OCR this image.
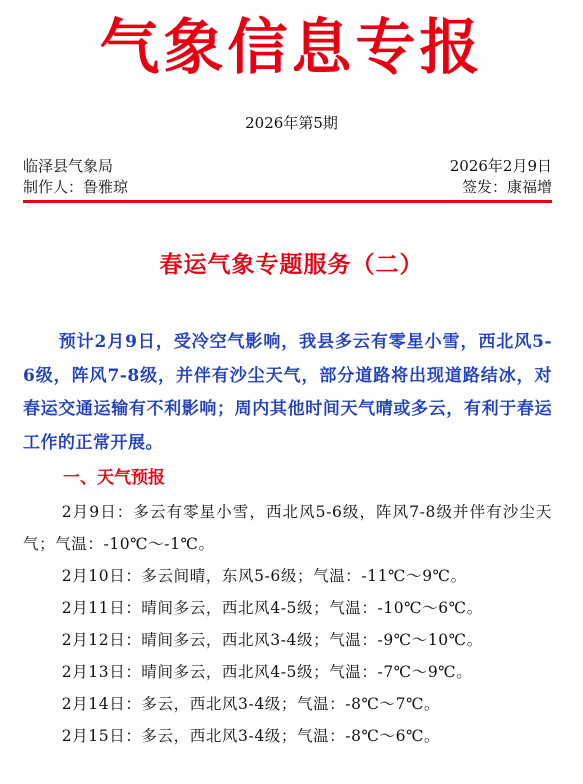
气象信息专报
2026年第5期
临泽县气象局	2026年2月9日
制作人：鲁雅琼	签发：康福增
春运气象专题服务（二）
预计2月9日，受冷空气影响，我县多云有零星小雪，西北风5-6级，阵风7-8级，并伴有沙尘天气，部分道路将出现道路结冰，对春运交通运输有不利影响；周内其他时间天气晴或多云，有利于春运工作的正常开展。
一、天气预报
2月9日：多云有零星小雪，西北风5-6级，阵风7-8级并伴有沙尘天气；气温：-10℃～-1℃。
2月10日：多云间晴，东风5-6级；气温：-11℃～9℃。
2月11日：晴间多云，西北风4-5级；气温：-10℃～6℃。
2月12日：晴间多云，西北风3-4级；气温：-9℃～10℃。
2月13日：晴间多云，西北风4-5级；气温：-7℃～9℃。
2月14日：多云，西北风3-4级；气温：-8℃～7℃。
2月15日：多云，西北风3-4级；气温：-8℃～6℃。
